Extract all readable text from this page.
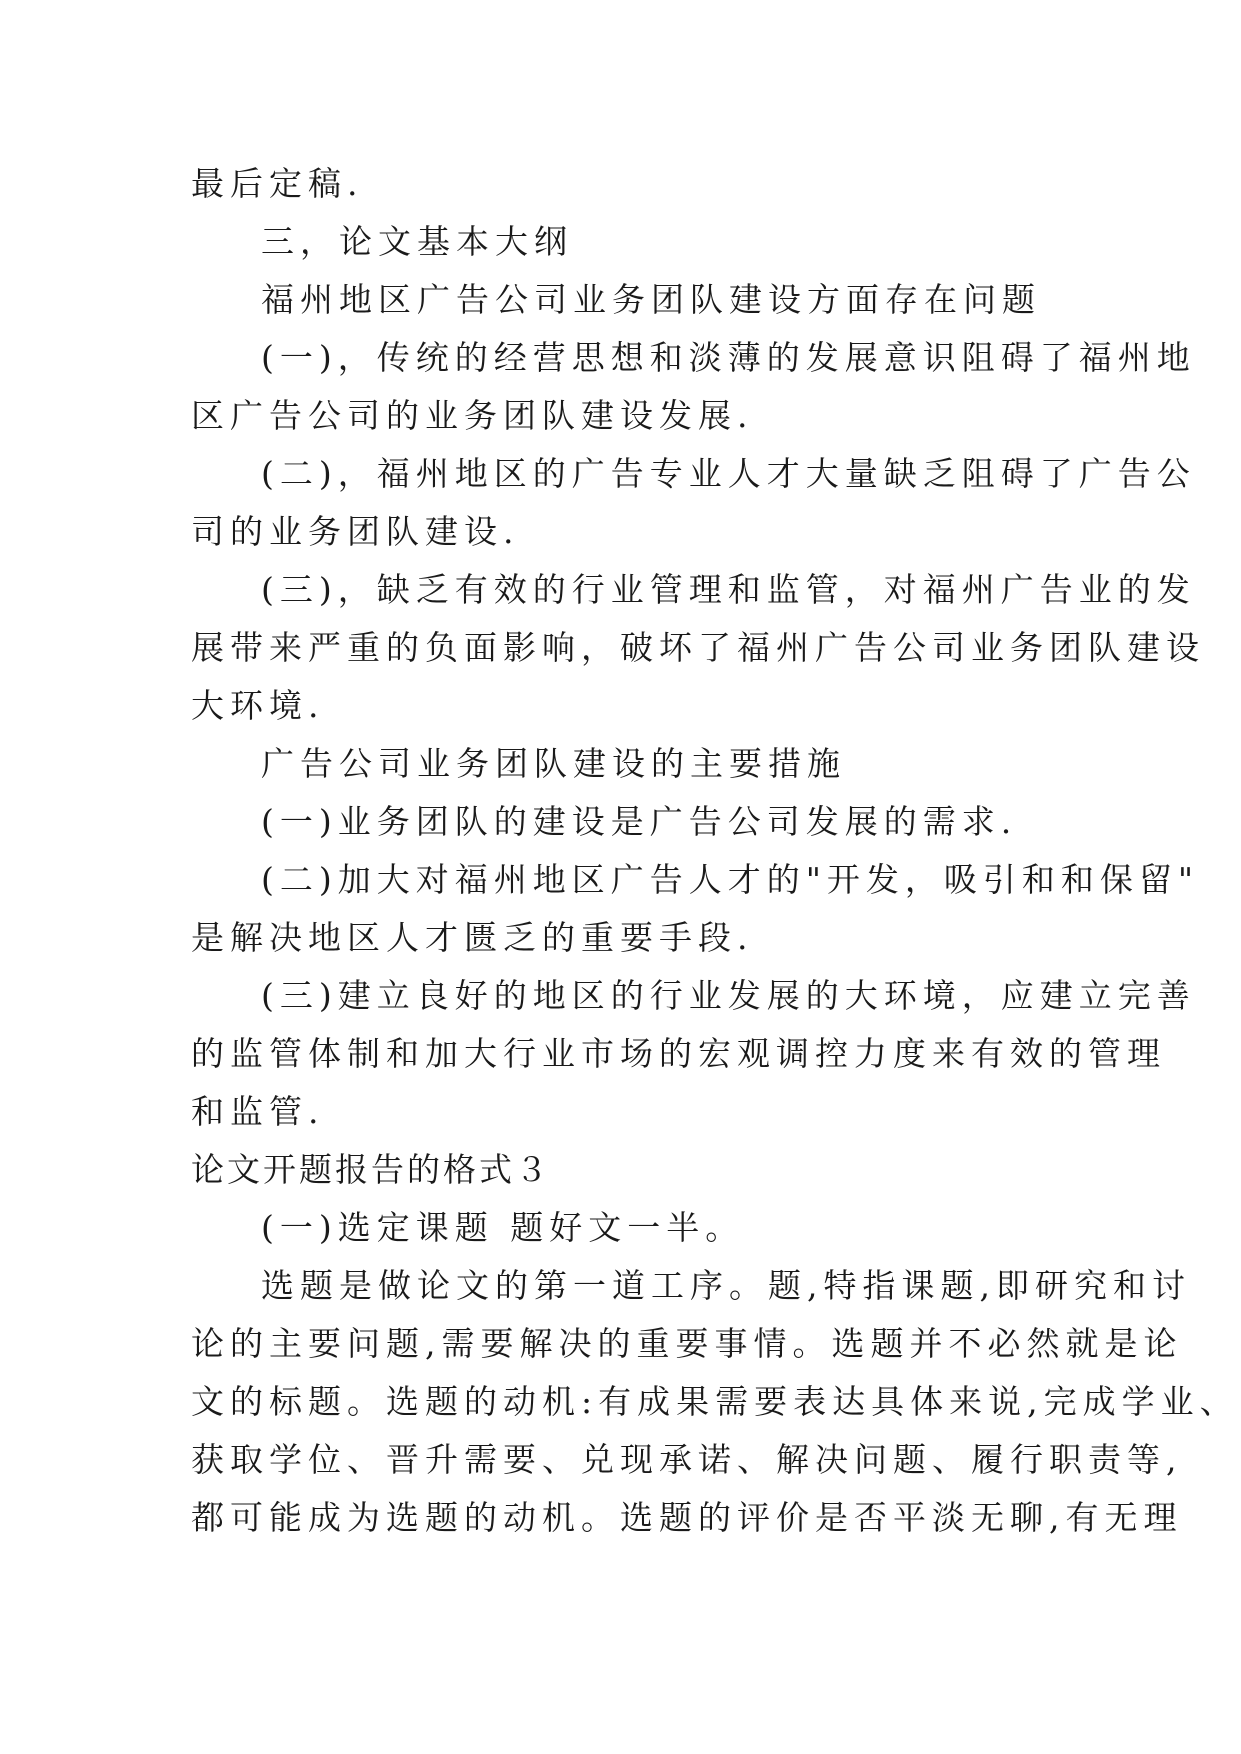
最后定稿.

三，论文基本大纲

福州地区广告公司业务团队建设方面存在问题

(一)，传统的经营思想和淡薄的发展意识阻碍了福州地

区广告公司的业务团队建设发展.

(二)，福州地区的广告专业人才大量缺乏阻碍了广告公

司的业务团队建设.

(三)，缺乏有效的行业管理和监管，对福州广告业的发

展带来严重的负面影响，破坏了福州广告公司业务团队建设

大环境.

广告公司业务团队建设的主要措施

(一)业务团队的建设是广告公司发展的需求.

(二)加大对福州地区广告人才的"开发，吸引和和保留"

是解决地区人才匮乏的重要手段.

(三)建立良好的地区的行业发展的大环境，应建立完善

的监管体制和加大行业市场的宏观调控力度来有效的管理

和监管.

论文开题报告的格式３

(一)选定课题 题好文一半。

选题是做论文的第一道工序。题,特指课题,即研究和讨

论的主要问题,需要解决的重要事情。选题并不必然就是论

文的标题。选题的动机:有成果需要表达具体来说,完成学业、

获取学位、晋升需要、兑现承诺、解决问题、履行职责等,

都可能成为选题的动机。选题的评价是否平淡无聊,有无理
